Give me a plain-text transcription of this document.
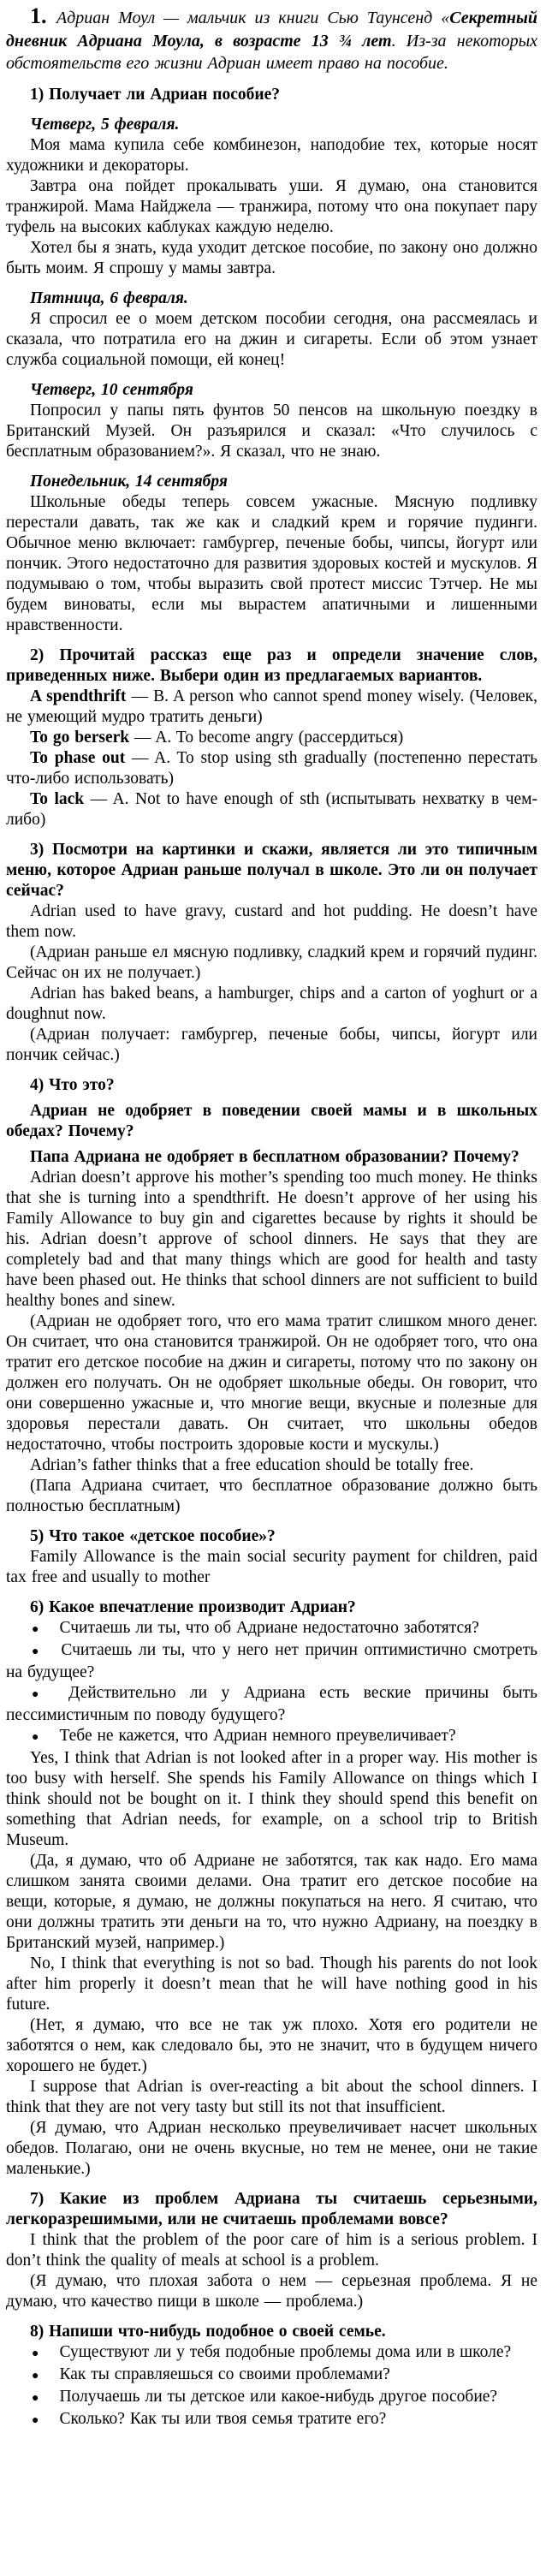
1. Адриан Моул — мальчик из книги Сью Таунсенд «Секретный дневник Адриана Моула, в возрасте 13 ¾ лет. Из-за некоторых обстоятельств его жизни Адриан имеет право на пособие.

1) Получает ли Адриан пособие?

Четверг, 5 февраля.

Моя мама купила себе комбинезон, наподобие тех, которые носят художники и декораторы.

Завтра она пойдет прокалывать уши. Я думаю, она становится транжирой. Мама Найджела — транжира, потому что она покупает пару туфель на высоких каблуках каждую неделю.

Хотел бы я знать, куда уходит детское пособие, по закону оно должно быть моим. Я спрошу у мамы завтра.

Пятница, 6 февраля.

Я спросил ее о моем детском пособии сегодня, она рассмеялась и сказала, что потратила его на джин и сигареты. Если об этом узнает служба социальной помощи, ей конец!

Четверг, 10 сентября

Попросил у папы пять фунтов 50 пенсов на школьную поездку в Британский Музей. Он разъярился и сказал: «Что случилось с бесплатным образованием?». Я сказал, что не знаю.

Понедельник, 14 сентября

Школьные обеды теперь совсем ужасные. Мясную подливку перестали давать, так же как и сладкий крем и горячие пудинги. Обычное меню включает: гамбургер, печеные бобы, чипсы, йогурт или пончик. Этого недостаточно для развития здоровых костей и мускулов. Я подумываю о том, чтобы выразить свой протест миссис Тэтчер. Не мы будем виноваты, если мы вырастем апатичными и лишенными нравственности.

2) Прочитай рассказ еще раз и определи значение слов, приведенных ниже. Выбери один из предлагаемых вариантов.

A spendthrift — B. A person who cannot spend money wisely. (Человек, не умеющий мудро тратить деньги)

To go berserk — A. To become angry (рассердиться)

To phase out — A. To stop using sth gradually (постепенно перестать что-либо использовать)

To lack — A. Not to have enough of sth (испытывать нехватку в чем-либо)

3) Посмотри на картинки и скажи, является ли это типичным меню, которое Адриан раньше получал в школе. Это ли он получает сейчас?

Adrian used to have gravy, custard and hot pudding. He doesn’t have them now.

(Адриан раньше ел мясную подливку, сладкий крем и горячий пудинг. Сейчас он их не получает.)

Adrian has baked beans, a hamburger, chips and a carton of yoghurt or a doughnut now.

(Адриан получает: гамбургер, печеные бобы, чипсы, йогурт или пончик сейчас.)

4) Что это?

Адриан не одобряет в поведении своей мамы и в школьных обедах? Почему?

Папа Адриана не одобряет в бесплатном образовании? Почему?

Adrian doesn’t approve his mother’s spending too much money. He thinks that she is turning into a spendthrift. He doesn’t approve of her using his Family Allowance to buy gin and cigarettes because by rights it should be his. Adrian doesn’t approve of school dinners. He says that they are completely bad and that many things which are good for health and tasty have been phased out. He thinks that school dinners are not sufficient to build healthy bones and sinew.

(Адриан не одобряет того, что его мама тратит слишком много денег. Он считает, что она становится транжирой. Он не одобряет того, что она тратит его детское пособие на джин и сигареты, потому что по закону он должен его получать. Он не одобряет школьные обеды. Он говорит, что они совершенно ужасные и, что многие вещи, вкусные и полезные для здоровья перестали давать. Он считает, что школьны обедов недостаточно, чтобы построить здоровые кости и мускулы.)

Adrian’s father thinks that a free education should be totally free.

(Папа Адриана считает, что бесплатное образование должно быть полностью бесплатным)

5) Что такое «детское пособие»?

Family Allowance is the main social security payment for children, paid tax free and usually to mother

6) Какое впечатление производит Адриан?

● Считаешь ли ты, что об Адриане недостаточно заботятся?

● Считаешь ли ты, что у него нет причин оптимистично смотреть на будущее?

● Действительно ли у Адриана есть веские причины быть пессимистичным по поводу будущего?

● Тебе не кажется, что Адриан немного преувеличивает?

Yes, I think that Adrian is not looked after in a proper way. His mother is too busy with herself. She spends his Family Allowance on things which I think should not be bought on it. I think they should spend this benefit on something that Adrian needs, for example, on a school trip to British Museum.

(Да, я думаю, что об Адриане не заботятся, так как надо. Его мама слишком занята своими делами. Она тратит его детское пособие на вещи, которые, я думаю, не должны покупаться на него. Я считаю, что они должны тратить эти деньги на то, что нужно Адриану, на поездку в Британский музей, например.)

No, I think that everything is not so bad. Though his parents do not look after him properly it doesn’t mean that he will have nothing good in his future.

(Нет, я думаю, что все не так уж плохо. Хотя его родители не заботятся о нем, как следовало бы, это не значит, что в будущем ничего хорошего не будет.)

I suppose that Adrian is over-reacting a bit about the school dinners. I think that they are not very tasty but still its not that insufficient.

(Я думаю, что Адриан несколько преувеличивает насчет школьных обедов. Полагаю, они не очень вкусные, но тем не менее, они не такие маленькие.)

7) Какие из проблем Адриана ты считаешь серьезными, легкоразрешимыми, или не считаешь проблемами вовсе?

I think that the problem of the poor care of him is a serious problem. I don’t think the quality of meals at school is a problem.

(Я думаю, что плохая забота о нем — серьезная проблема. Я не думаю, что качество пищи в школе — проблема.)

8) Напиши что-нибудь подобное о своей семье.

● Существуют ли у тебя подобные проблемы дома или в школе?

● Как ты справляешься со своими проблемами?

● Получаешь ли ты детское или какое-нибудь другое пособие?

● Сколько? Как ты или твоя семья тратите его?
